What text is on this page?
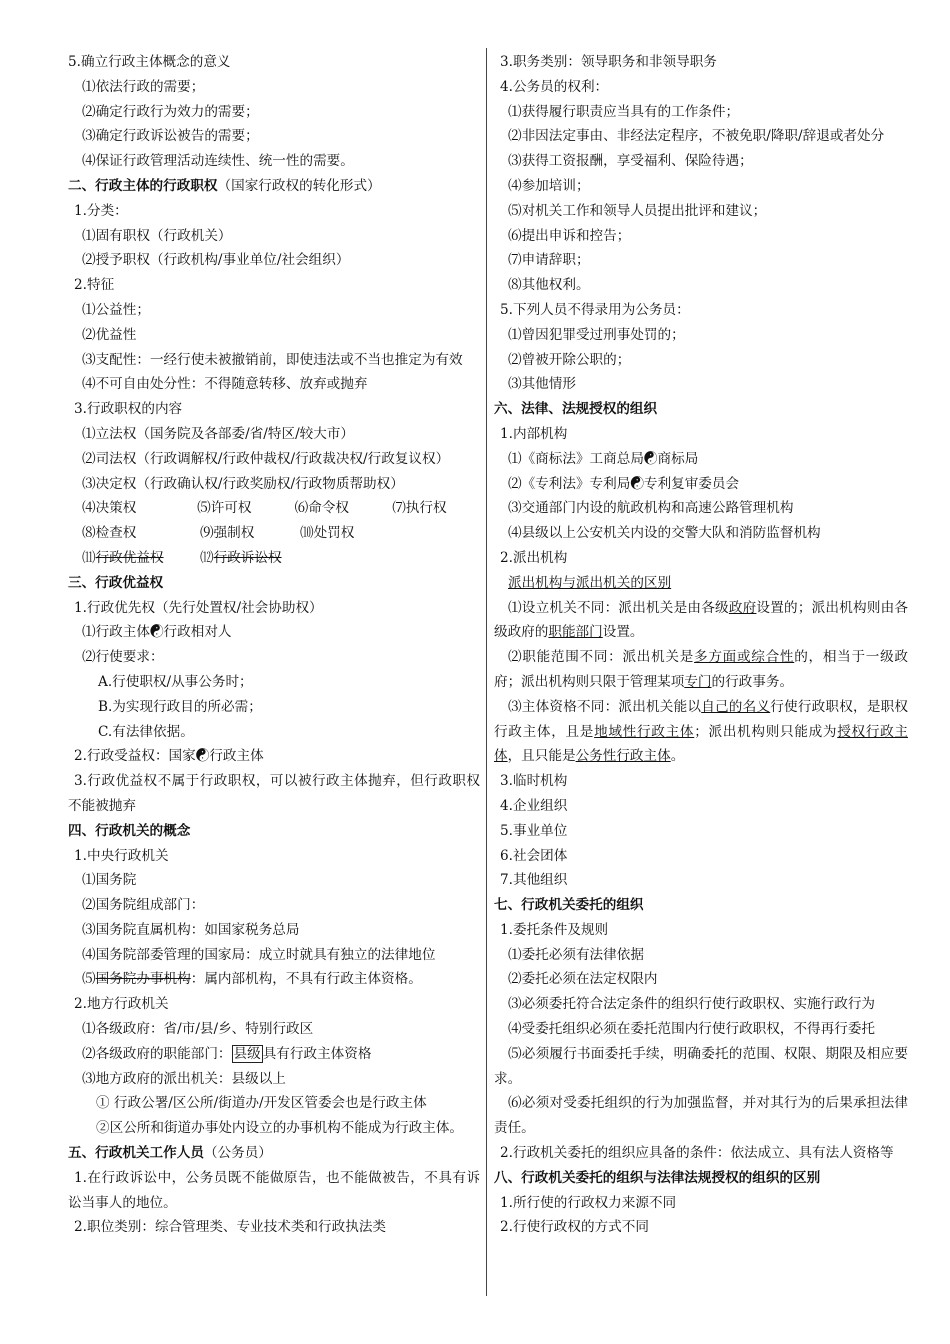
5.确立行政主体概念的意义
⑴依法行政的需要；
⑵确定行政行为效力的需要；
⑶确定行政诉讼被告的需要；
⑷保证行政管理活动连续性、统一性的需要。
二、行政主体的行政职权（国家行政权的转化形式）
1.分类：
⑴固有职权（行政机关）
⑵授予职权（行政机构/事业单位/社会组织）
2.特征
⑴公益性；
⑵优益性
⑶支配性：一经行使未被撤销前，即使违法或不当也推定为有效
⑷不可自由处分性：不得随意转移、放弃或抛弃
3.行政职权的内容
⑴立法权（国务院及各部委/省/特区/较大市）
⑵司法权（行政调解权/行政仲裁权/行政裁决权/行政复议权）
⑶决定权（行政确认权/行政奖励权/行政物质帮助权）
⑷决策权	⑸许可权	⑹命令权	⑺执行权
⑻检查权	⑼强制权	⑽处罚权
⑾行政优益权	⑿行政诉讼权
三、行政优益权
1.行政优先权（先行处置权/社会协助权）
⑴行政主体☯行政相对人
⑵行使要求：
A.行使职权/从事公务时；
B.为实现行政目的所必需；
C.有法律依据。
2.行政受益权：国家☯行政主体
3.行政优益权不属于行政职权，可以被行政主体抛弃，但行政职权不能被抛弃
四、行政机关的概念
1.中央行政机关
⑴国务院
⑵国务院组成部门：
⑶国务院直属机构：如国家税务总局
⑷国务院部委管理的国家局：成立时就具有独立的法律地位
⑸国务院办事机构：属内部机构，不具有行政主体资格。
2.地方行政机关
⑴各级政府：省/市/县/乡、特别行政区
⑵各级政府的职能部门： 县级 具有行政主体资格
⑶地方政府的派出机关：县级以上
① 行政公署/区公所/街道办/开发区管委会也是行政主体
②区公所和街道办事处内设立的办事机构不能成为行政主体。
五、行政机关工作人员（公务员）
1.在行政诉讼中，公务员既不能做原告，也不能做被告，不具有诉讼当事人的地位。
2.职位类别：综合管理类、专业技术类和行政执法类
3.职务类别：领导职务和非领导职务
4.公务员的权利：
⑴获得履行职责应当具有的工作条件；
⑵非因法定事由、非经法定程序，不被免职/降职/辞退或者处分
⑶获得工资报酬，享受福利、保险待遇；
⑷参加培训；
⑸对机关工作和领导人员提出批评和建议；
⑹提出申诉和控告；
⑺申请辞职；
⑻其他权利。
5.下列人员不得录用为公务员：
⑴曾因犯罪受过刑事处罚的；
⑵曾被开除公职的；
⑶其他情形
六、法律、法规授权的组织
1.内部机构
⑴《商标法》工商总局☯商标局
⑵《专利法》专利局☯专利复审委员会
⑶交通部门内设的航政机构和高速公路管理机构
⑷县级以上公安机关内设的交警大队和消防监督机构
2.派出机构
派出机构与派出机关的区别
⑴设立机关不同：派出机关是由各级政府设置的；派出机构则由各级政府的职能部门设置。
⑵职能范围不同：派出机关是多方面或综合性的，相当于一级政府；派出机构则只限于管理某项专门的行政事务。
⑶主体资格不同：派出机关能以自己的名义行使行政职权，是职权行政主体，且是地域性行政主体；派出机构则只能成为授权行政主体，且只能是公务性行政主体。
3.临时机构
4.企业组织
5.事业单位
6.社会团体
7.其他组织
七、行政机关委托的组织
1.委托条件及规则
⑴委托必须有法律依据
⑵委托必须在法定权限内
⑶必须委托符合法定条件的组织行使行政职权、实施行政行为
⑷受委托组织必须在委托范围内行使行政职权，不得再行委托
⑸必须履行书面委托手续，明确委托的范围、权限、期限及相应要求。
⑹必须对受委托组织的行为加强监督，并对其行为的后果承担法律责任。
2.行政机关委托的组织应具备的条件：依法成立、具有法人资格等
八、行政机关委托的组织与法律法规授权的组织的区别
1.所行使的行政权力来源不同
2.行使行政权的方式不同
